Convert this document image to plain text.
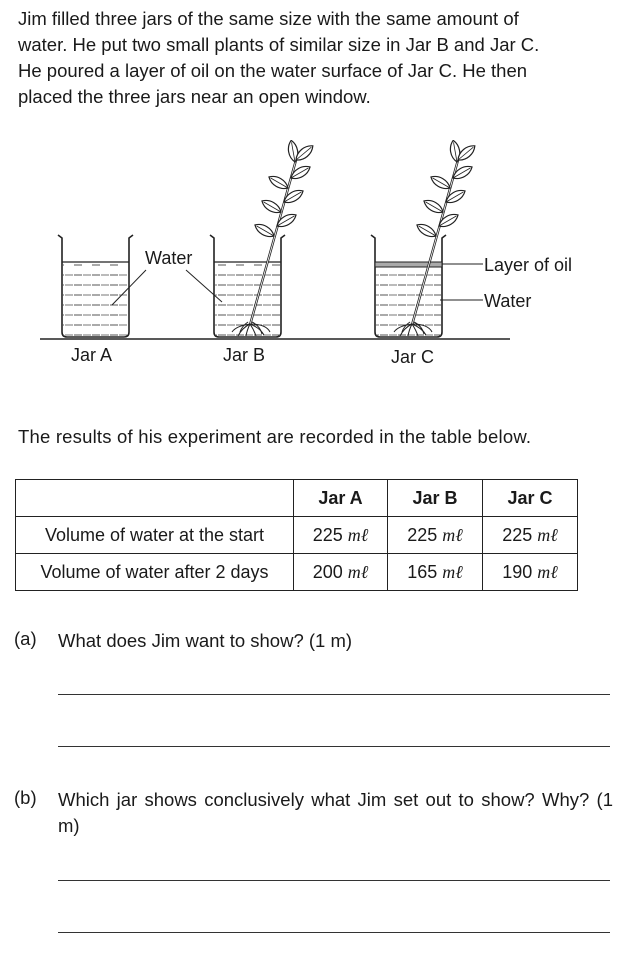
Jim filled three jars of the same size with the same amount of

water. He put two small plants of similar size in Jar B and Jar C.

He poured a layer of oil on the water surface of Jar C. He then

placed the three jars near an open window.

Water	Layer of oil
Water
Jar A	Jar B	Jar C
The results of his experiment are recorded in the table below.
	Jar A	Jar B	Jar C
Volume of water at the start	225 mℓ	225 mℓ	225 mℓ
Volume of water after 2 days	200 mℓ	165 mℓ	190 mℓ
(a) What does Jim want to show? (1 m)
(b) Which jar shows conclusively what Jim set out to show? Why? (1 m)
